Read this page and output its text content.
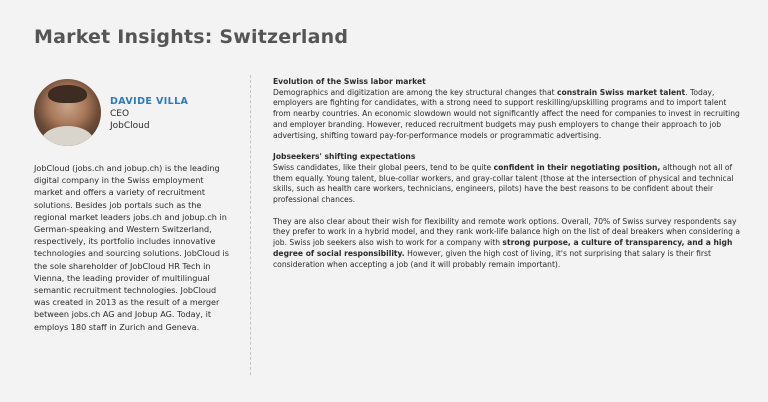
Market Insights: Switzerland
DAVIDE VILLA
CEO
JobCloud
JobCloud (jobs.ch and jobup.ch) is the leading digital company in the Swiss employment market and offers a variety of recruitment solutions. Besides job portals such as the regional market leaders jobs.ch and jobup.ch in German-speaking and Western Switzerland, respectively, its portfolio includes innovative technologies and sourcing solutions. JobCloud is the sole shareholder of JobCloud HR Tech in Vienna, the leading provider of multilingual semantic recruitment technologies. JobCloud was created in 2013 as the result of a merger between jobs.ch AG and Jobup AG. Today, it employs 180 staff in Zurich and Geneva.

Evolution of the Swiss labor market

Demographics and digitization are among the key structural changes that constrain Swiss market talent. Today, employers are fighting for candidates, with a strong need to support reskilling/upskilling programs and to import talent from nearby countries. An economic slowdown would not significantly affect the need for companies to invest in recruiting and employer branding. However, reduced recruitment budgets may push employers to change their approach to job advertising, shifting toward pay-for-performance models or programmatic advertising.

Jobseekers' shifting expectations

Swiss candidates, like their global peers, tend to be quite confident in their negotiating position, although not all of them equally. Young talent, blue-collar workers, and gray-collar talent (those at the intersection of physical and technical skills, such as health care workers, technicians, engineers, pilots) have the best reasons to be confident about their professional chances.

They are also clear about their wish for flexibility and remote work options. Overall, 70% of Swiss survey respondents say they prefer to work in a hybrid model, and they rank work-life balance high on the list of deal breakers when considering a job. Swiss job seekers also wish to work for a company with strong purpose, a culture of transparency, and a high degree of social responsibility. However, given the high cost of living, it's not surprising that salary is their first consideration when accepting a job (and it will probably remain important).
